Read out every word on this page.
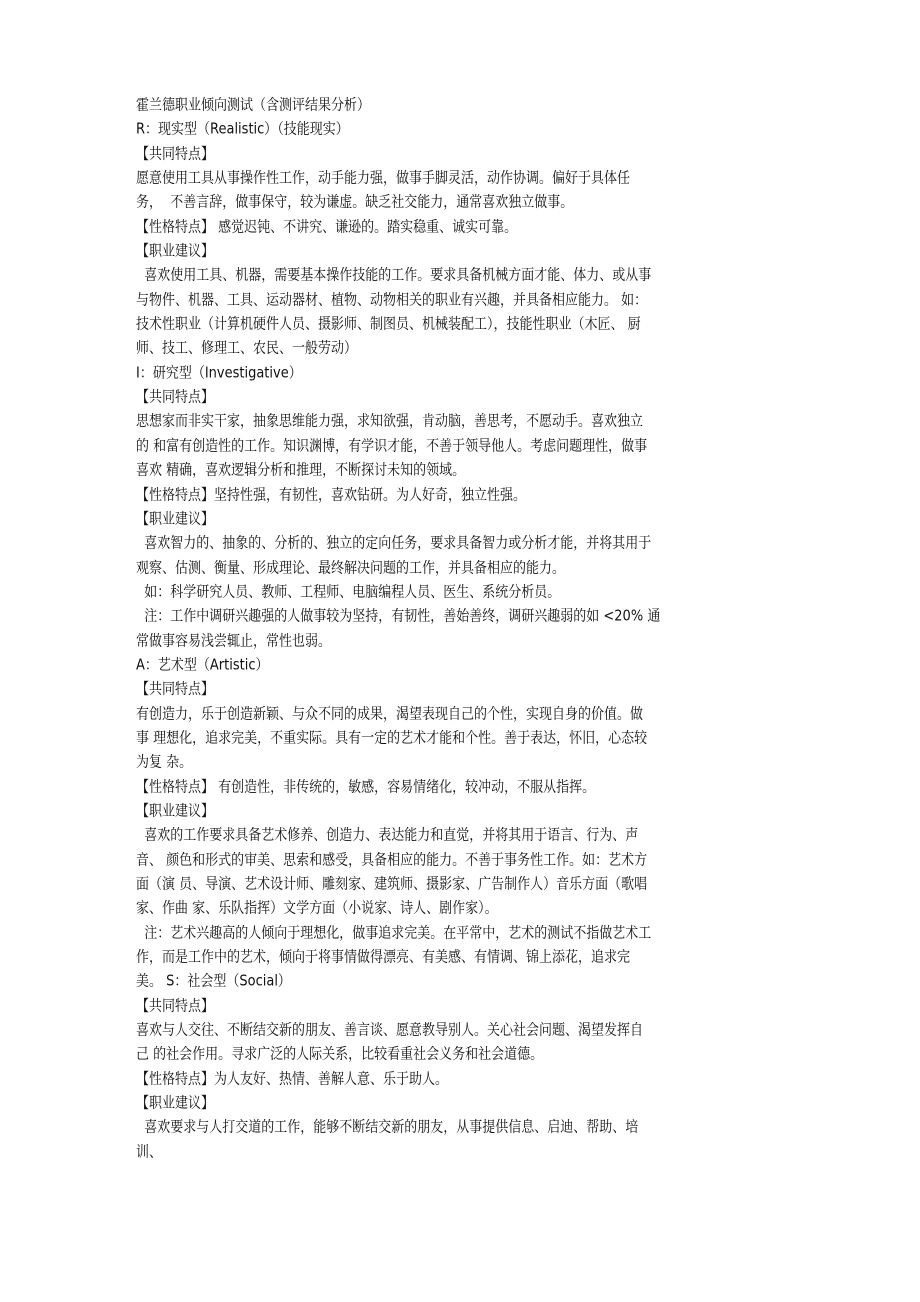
霍兰德职业倾向测试（含测评结果分析）
R：现实型（Realistic）（技能现实）
【共同特点】
愿意使用工具从事操作性工作，动手能力强，做事手脚灵活，动作协调。偏好于具体任
务，  不善言辞，做事保守，较为谦虚。缺乏社交能力，通常喜欢独立做事。
【性格特点】 感觉迟钝、不讲究、谦逊的。踏实稳重、诚实可靠。
【职业建议】
喜欢使用工具、机器，需要基本操作技能的工作。要求具备机械方面才能、体力、或从事
与物件、机器、工具、运动器材、植物、动物相关的职业有兴趣，并具备相应能力。 如：
技术性职业（计算机硬件人员、摄影师、制图员、机械装配工），技能性职业（木匠、 厨
师、技工、修理工、农民、一般劳动）
I：研究型（Investigative）
【共同特点】
思想家而非实干家，抽象思维能力强，求知欲强，肯动脑，善思考，不愿动手。喜欢独立
的 和富有创造性的工作。知识渊博，有学识才能，不善于领导他人。考虑问题理性，做事
喜欢 精确，喜欢逻辑分析和推理，不断探讨未知的领域。
【性格特点】坚持性强，有韧性，喜欢钻研。为人好奇，独立性强。
【职业建议】
喜欢智力的、抽象的、分析的、独立的定向任务，要求具备智力或分析才能，并将其用于
观察、估测、衡量、形成理论、最终解决问题的工作，并具备相应的能力。
如：科学研究人员、教师、工程师、电脑编程人员、医生、系统分析员。
注：工作中调研兴趣强的人做事较为坚持，有韧性，善始善终，调研兴趣弱的如 <20% 通
常做事容易浅尝辄止，常性也弱。
A：艺术型（Artistic）
【共同特点】
有创造力，乐于创造新颖、与众不同的成果，渴望表现自己的个性，实现自身的价值。做
事 理想化，追求完美，不重实际。具有一定的艺术才能和个性。善于表达，怀旧，心态较
为复 杂。
【性格特点】 有创造性，非传统的，敏感，容易情绪化，较冲动，不服从指挥。
【职业建议】
喜欢的工作要求具备艺术修养、创造力、表达能力和直觉，并将其用于语言、行为、声
音、 颜色和形式的审美、思索和感受，具备相应的能力。不善于事务性工作。如：艺术方
面（演 员、导演、艺术设计师、雕刻家、建筑师、摄影家、广告制作人）音乐方面（歌唱
家、作曲 家、乐队指挥）文学方面（小说家、诗人、剧作家）。
注：艺术兴趣高的人倾向于理想化，做事追求完美。在平常中，艺术的测试不指做艺术工
作，而是工作中的艺术，倾向于将事情做得漂亮、有美感、有情调、锦上添花，追求完
美。 S：社会型（Social）
【共同特点】
喜欢与人交往、不断结交新的朋友、善言谈、愿意教导别人。关心社会问题、渴望发挥自
己 的社会作用。寻求广泛的人际关系，比较看重社会义务和社会道德。
【性格特点】为人友好、热情、善解人意、乐于助人。
【职业建议】
喜欢要求与人打交道的工作，能够不断结交新的朋友，从事提供信息、启迪、帮助、培
训、
